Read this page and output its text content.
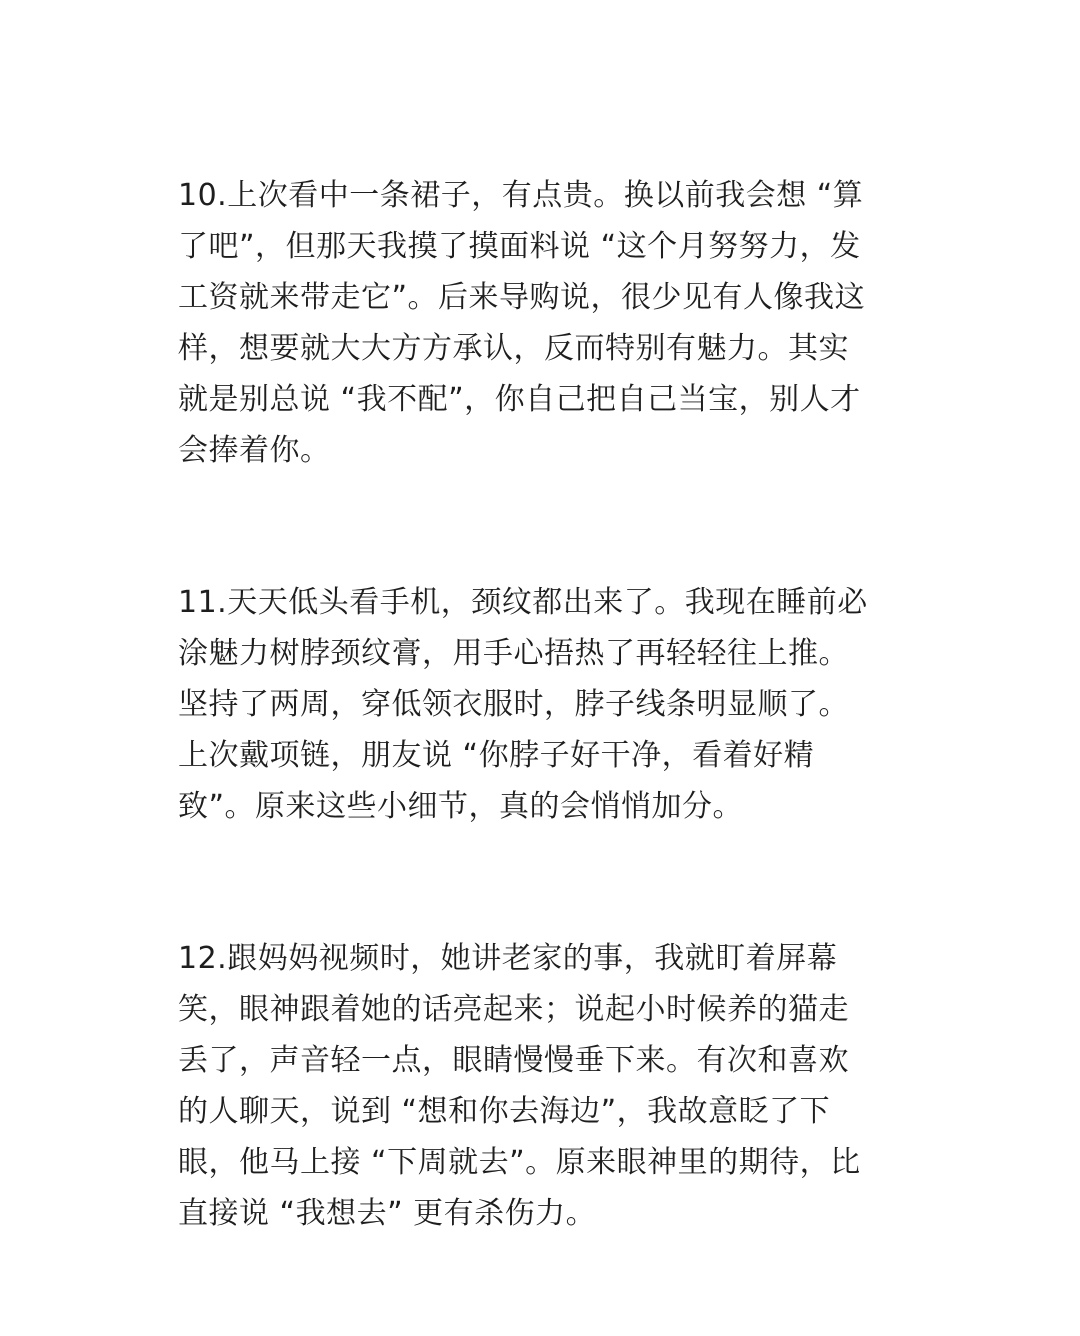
10.上次看中一条裙子，有点贵。换以前我会想 “算
了吧”，但那天我摸了摸面料说 “这个月努努力，发
工资就来带走它”。后来导购说，很少见有人像我这
样，想要就大大方方承认，反而特别有魅力。其实
就是别总说 “我不配”，你自己把自己当宝，别人才
会捧着你。
11.天天低头看手机，颈纹都出来了。我现在睡前必
涂魅力树脖颈纹膏，用手心捂热了再轻轻往上推。
坚持了两周，穿低领衣服时，脖子线条明显顺了。
上次戴项链，朋友说 “你脖子好干净，看着好精
致”。原来这些小细节，真的会悄悄加分。
12.跟妈妈视频时，她讲老家的事，我就盯着屏幕
笑，眼神跟着她的话亮起来；说起小时候养的猫走
丢了，声音轻一点，眼睛慢慢垂下来。有次和喜欢
的人聊天，说到 “想和你去海边”，我故意眨了下
眼，他马上接 “下周就去”。原来眼神里的期待，比
直接说 “我想去” 更有杀伤力。
